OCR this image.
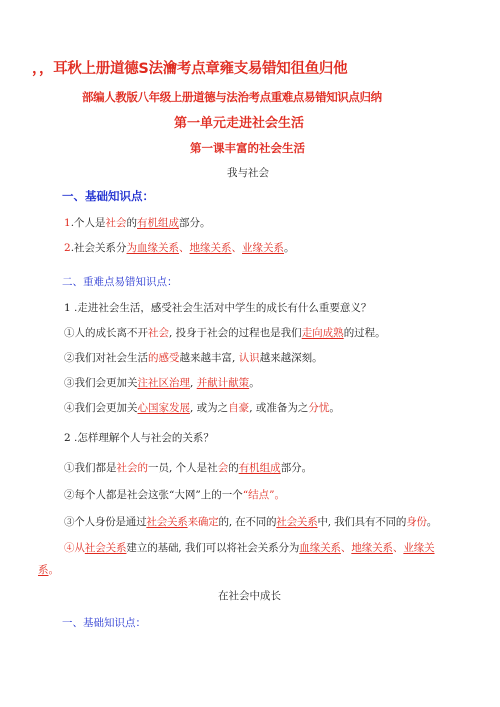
，，耳秋上册道德S法瀹考点章雍支易错知徂鱼归他
部编人教版八年级上册道德与法治考点重难点易错知识点归纳
第一单元走进社会生活
第一课丰富的社会生活
我与社会
一、基础知识点：
1.个人是社会的有机组成部分。
2.社会关系分为血缘关系、地缘关系、业缘关系。
二、重难点易错知识点：
1 .走进社会生活，感受社会生活对中学生的成长有什么重要意义？
①人的成长离不开社会, 投身于社会的过程也是我们走向成熟的过程。
②我们对社会生活的感受越来越丰富, 认识越来越深刻。
③我们会更加关注社区治理, 并献计献策。
④我们会更加关心国家发展, 或为之自豪, 或准备为之分忧。
2 .怎样理解个人与社会的关系？
①我们都是社会的一员, 个人是社会的有机组成部分。
②每个人都是社会这张“大网”上的一个“结点”。
③个人身份是通过社会关系来确定的, 在不同的社会关系中, 我们具有不同的身份。
④从社会关系建立的基础, 我们可以将社会关系分为血缘关系、地缘关系、业缘关
系。
在社会中成长
一、基础知识点：
